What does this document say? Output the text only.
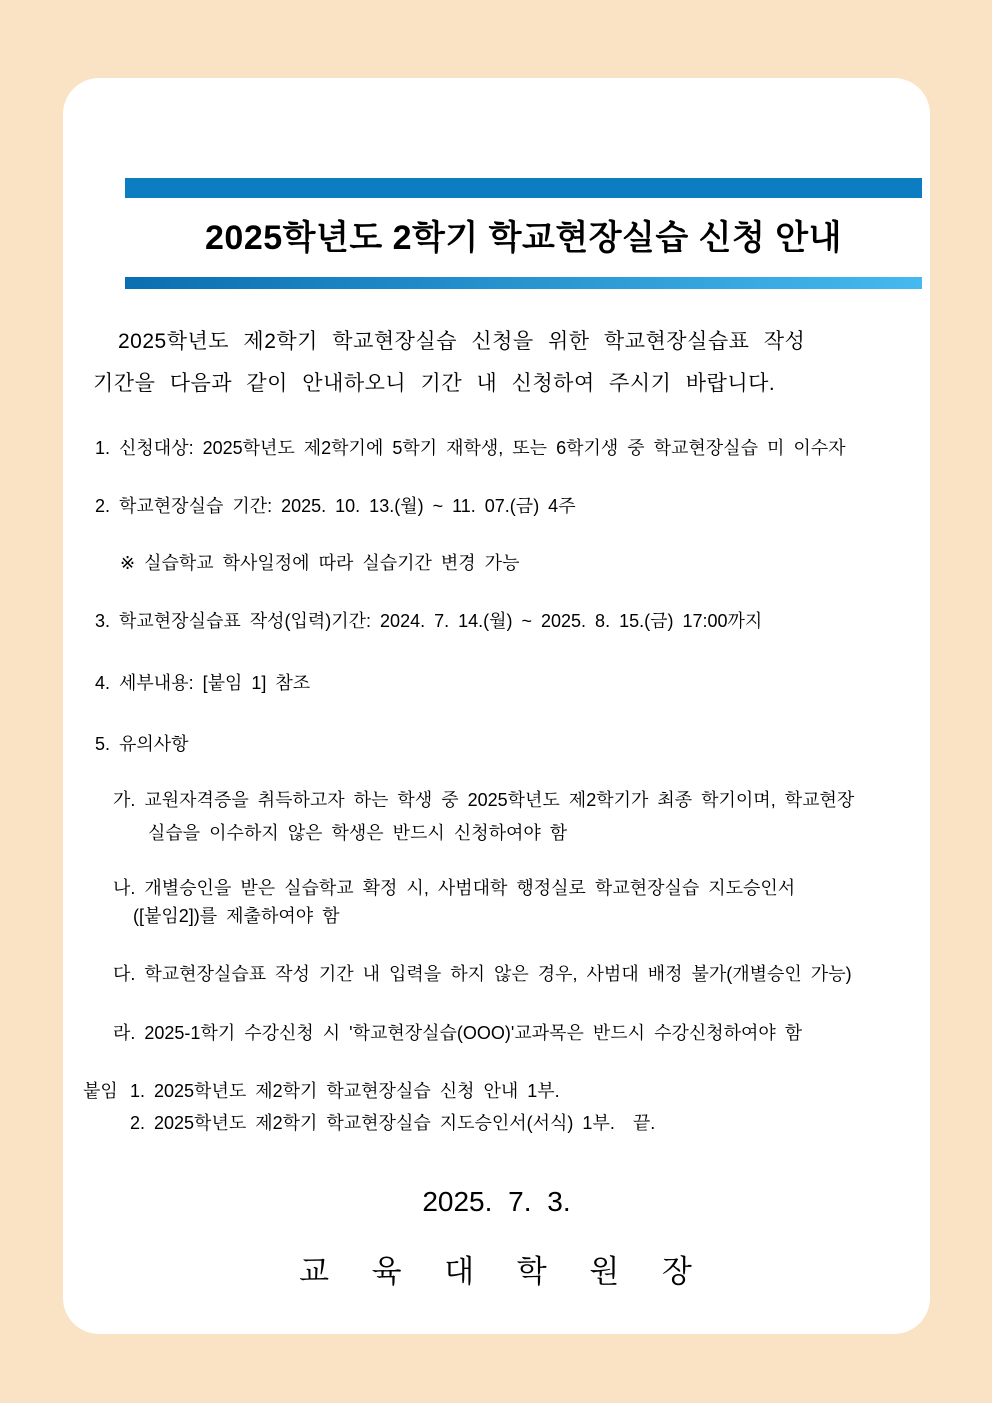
2025학년도 2학기 학교현장실습 신청 안내
2025학년도 제2학기 학교현장실습 신청을 위한 학교현장실습표 작성
기간을 다음과 같이 안내하오니 기간 내 신청하여 주시기 바랍니다.
1. 신청대상: 2025학년도 제2학기에 5학기 재학생, 또는 6학기생 중 학교현장실습 미 이수자
2. 학교현장실습 기간: 2025. 10. 13.(월) ~ 11. 07.(금) 4주
※ 실습학교 학사일정에 따라 실습기간 변경 가능
3. 학교현장실습표 작성(입력)기간: 2024. 7. 14.(월) ~ 2025. 8. 15.(금) 17:00까지
4. 세부내용: [붙임 1] 참조
5. 유의사항
가. 교원자격증을 취득하고자 하는 학생 중 2025학년도 제2학기가 최종 학기이며, 학교현장
실습을 이수하지 않은 학생은 반드시 신청하여야 함
나. 개별승인을 받은 실습학교 확정 시, 사범대학 행정실로 학교현장실습 지도승인서
([붙임2])를 제출하여야 함
다. 학교현장실습표 작성 기간 내 입력을 하지 않은 경우, 사범대 배정 불가(개별승인 가능)
라. 2025-1학기 수강신청 시 '학교현장실습(OOO)'교과목은 반드시 수강신청하여야 함
붙임 1. 2025학년도 제2학기 학교현장실습 신청 안내 1부.
2. 2025학년도 제2학기 학교현장실습 지도승인서(서식) 1부.  끝.
2025. 7. 3.
교 육 대 학 원 장
